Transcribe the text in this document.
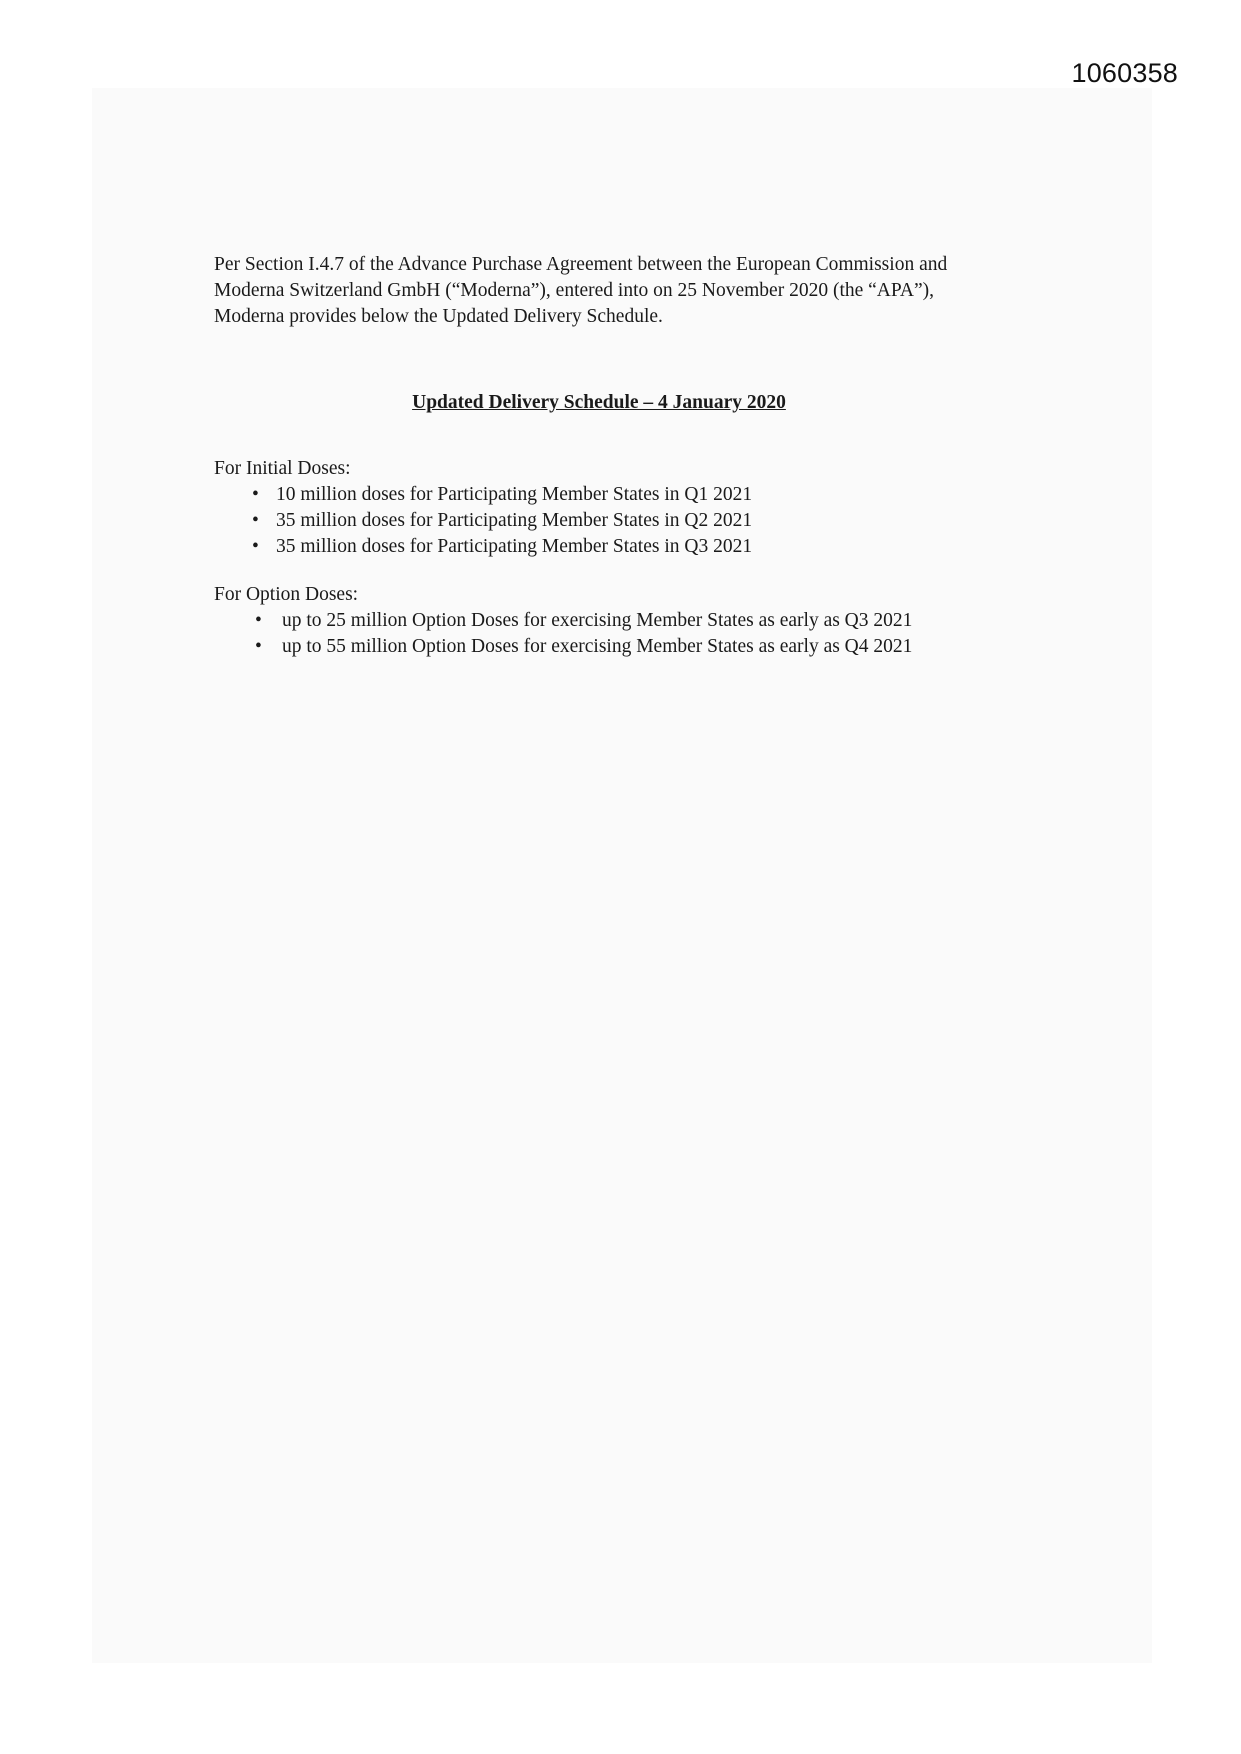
1060358

Per Section I.4.7 of the Advance Purchase Agreement between the European Commission and

Moderna Switzerland GmbH (“Moderna”), entered into on 25 November 2020 (the “APA”),

Moderna provides below the Updated Delivery Schedule.

Updated Delivery Schedule – 4 January 2020

For Initial Doses:

• 10 million doses for Participating Member States in Q1 2021
• 35 million doses for Participating Member States in Q2 2021
• 35 million doses for Participating Member States in Q3 2021

For Option Doses:

• up to 25 million Option Doses for exercising Member States as early as Q3 2021
• up to 55 million Option Doses for exercising Member States as early as Q4 2021
